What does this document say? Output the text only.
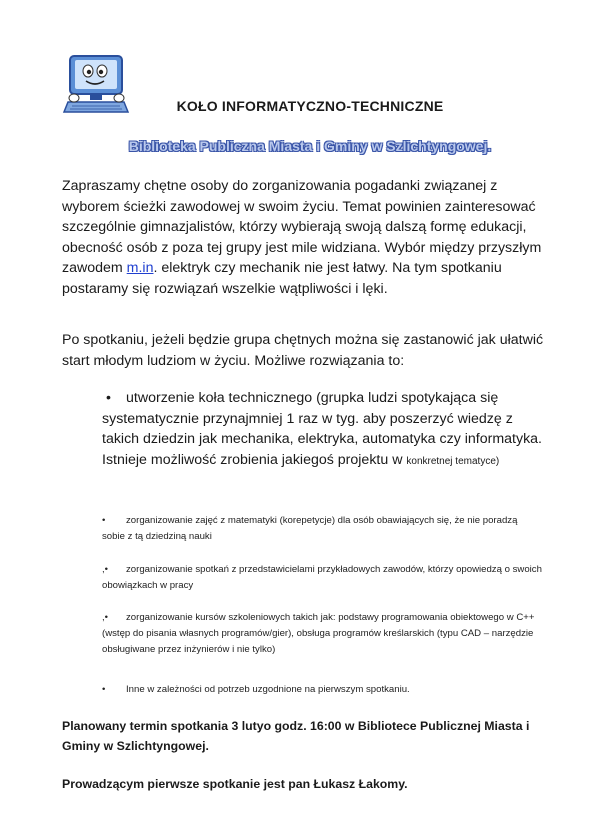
KOŁO INFORMATYCZNO-TECHNICZNE
Biblioteka Publiczna Miasta i Gminy w Szlichtyngowej.
Zapraszamy chętne osoby do zorganizowania pogadanki związanej z wyborem ścieżki zawodowej w swoim życiu. Temat powinien zainteresować szczególnie gimnazjalistów, którzy wybierają swoją dalszą formę edukacji, obecność osób z poza tej grupy jest mile widziana. Wybór między przyszłym zawodem m.in. elektryk czy mechanik nie jest łatwy. Na tym spotkaniu postaramy się rozwiązań wszelkie wątpliwości i lęki.
Po spotkaniu, jeżeli będzie grupa chętnych można się zastanowić jak ułatwić start młodym ludziom w życiu. Możliwe rozwiązania to:
•	utworzenie koła technicznego (grupka ludzi spotykająca się systematycznie przynajmniej 1 raz w tyg. aby poszerzyć wiedzę z takich dziedzin jak mechanika, elektryka, automatyka czy informatyka. Istnieje możliwość zrobienia jakiegoś projektu w konkretnej tematyce)
• zorganizowanie zajęć z matematyki (korepetycje) dla osób obawiających się, że nie poradzą sobie z tą dziedziną nauki
,• zorganizowanie spotkań z przedstawicielami przykładowych zawodów, którzy opowiedzą o swoich obowiązkach w pracy
,• zorganizowanie kursów szkoleniowych takich jak: podstawy programowania obiektowego w C++ (wstęp do pisania własnych programów/gier), obsługa programów kreślarskich (typu CAD – narzędzie obsługiwane przez inżynierów i nie tylko)
• Inne w zależności od potrzeb uzgodnione na pierwszym spotkaniu.
Planowany termin spotkania 3 lutyo godz. 16:00 w Bibliotece Publicznej Miasta i Gminy w Szlichtyngowej.
Prowadzącym pierwsze spotkanie jest pan Łukasz Łakomy.
